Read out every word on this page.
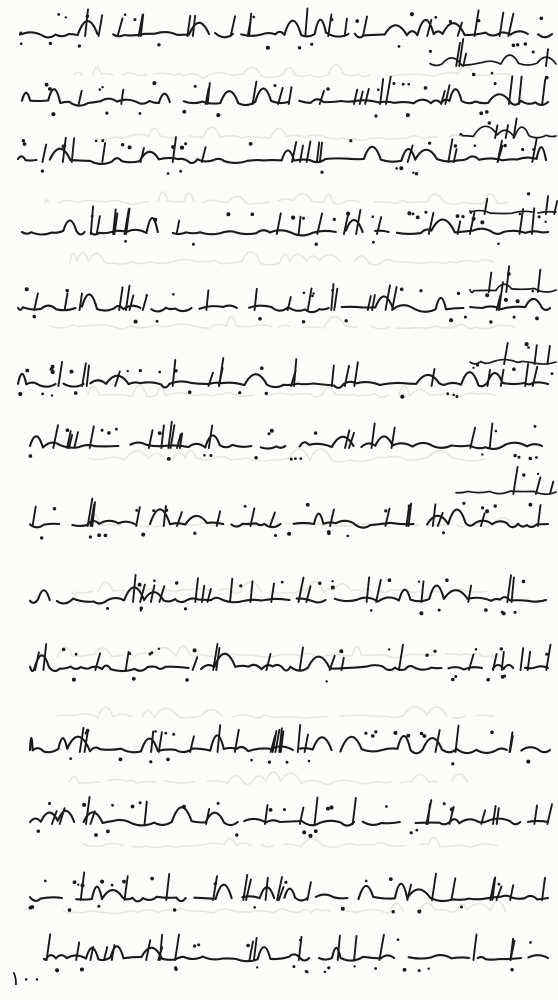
١٠٠
